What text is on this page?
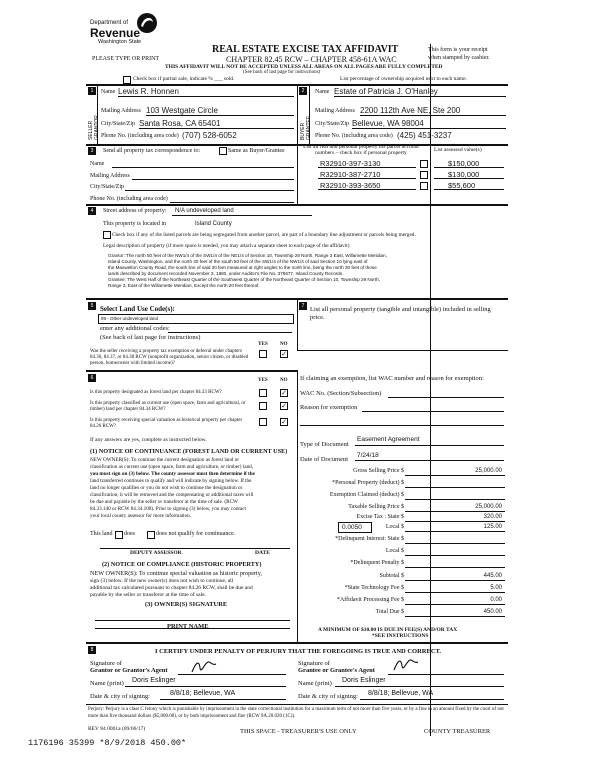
Department of
Revenue
Washington State
REAL ESTATE EXCISE TAX AFFIDAVIT
PLEASE TYPE OR PRINT	CHAPTER 82.45 RCW – CHAPTER 458-61A WAC
THIS AFFIDAVIT WILL NOT BE ACCEPTED UNLESS ALL AREAS ON ALL PAGES ARE FULLY COMPLETED
(See back of last page for instructions)
Check box if partial sale, indicate % ___ sold.	List percentage of ownership acquired next to each name.
This form is your receipt
when stamped by cashier.
1
SELLER GRANTOR
Name Lewis R. Honnen
Mailing Address 103 Westgate Circle
City/State/Zip Santa Rosa, CA 65401
Phone No. (including area code) (707) 528-6052
2
BUYER GRANTEE
Name Estate of Patricia J. O'Hanley
Mailing Address 2200 112th Ave NE, Ste 200
City/State/Zip Bellevue, WA 98004
Phone No. (including area code) (425) 451-3237
3	Send all property tax correspondence to:	Same as Buyer/Grantee
List all real and personal property tax parcel account numbers – check box if personal property	List assessed value(s)
Name
Mailing Address
City/State/Zip
Phone No. (including area code)
R32910-397-3130	$150,000
R32910-387-2710	$130,000
R32910-393-3650	$55,600
4	Street address of property: N/A undeveloped land
This property is located in	Island County
Check box if any of the listed parcels are being segregated from another parcel, are part of a boundary line adjustment or parcels being merged.
Legal description of property (if more space is needed, you may attach a separate sheet to each page of the affidavit)
Grantor: The north 50 feet of the NW1/4 of the SW1/4 of the NE1/4 of Section 10, Township 29 North, Range 3 East, Willamette Meridian,
Island County, Washington, and the north 30 feet of the south 50 feet of the SW1/4 of the NW1/4 of said Section 10 lying east of
the Maxwelton County Road, the south line of said 30 feet measured at right angles to the north line, being the north 30 feet of those
lands described by document recorded November 3, 1980, under Auditor's File No. 375677, Island County Records.
Grantee: The West Half of the Northeast Quarter of the Southwest Quarter of the Northeast Quarter of Section 10, Township 29 North,
Range 3, East of the Willamette Meridian, Except the north 20 feet thereof.
5 Select Land Use Code(s):
99 - Other undeveloped land
enter any additional codes:
(See back of last page for instructions)
YES NO
Was the seller receiving a property tax exemption or deferral under chapters 84.36, 84.37, or 84.38 RCW (nonprofit organization, senior citizen, or disabled person, homeowner with limited income)?
✓
7 List all personal property (tangible and intangible) included in selling price.
6	YES NO
Is this property designated as forest land per chapter 84.33 RCW?	✓
Is this property classified as current use (open space, farm and agricultural, or timber) land per chapter 84.34 RCW?	✓
Is this property receiving special valuation as historical property per chapter 84.26 RCW?
✓
If any answers are yes, complete as instructed below.
(1) NOTICE OF CONTINUANCE (FOREST LAND OR CURRENT USE)
NEW OWNER(S): To continue the current designation as forest land or
classification as current use (open space, farm and agriculture, or timber) land,
you must sign on (3) below. The county assessor must then determine if the
land transferred continues to qualify and will indicate by signing below. If the
land no longer qualifies or you do not wish to continue the designation or
classification, it will be removed and the compensating or additional taxes will
be due and payable by the seller or transferor at the time of sale. (RCW
84.33.140 or RCW 84.34.108). Prior to signing (3) below, you may contact
your local county assessor for more information.
This land does	does not qualify for continuance.
DEPUTY ASSESSOR	DATE
(2) NOTICE OF COMPLIANCE (HISTORIC PROPERTY)
NEW OWNER(S): To continue special valuation as historic property,
sign (3) below. If the new owner(s) does not wish to continue, all
additional tax calculated pursuant to chapter 84.26 RCW, shall be due and
payable by the seller or transferor at the time of sale.
(3) OWNER(S) SIGNATURE
PRINT NAME
If claiming an exemption, list WAC number and reason for exemption:
WAC No. (Section/Subsection)
Reason for exemption
Type of Document
Easement Agreement
Date of Document
7/24/18
Gross Selling Price $	25,000.00
*Personal Property (deduct) $
Exemption Claimed (deduct) $
Taxable Selling Price $	25,000.00
Excise Tax : State $	320.00
0.0050	Local $	125.00
*Delinquent Interest: State $
Local $
*Delinquent Penalty $
Subtotal $	445.00
*State Technology Fee $	5.00
*Affidavit Processing Fee $	0.00
Total Due $	450.00
A MINIMUM OF $10.00 IS DUE IN FEE(S) AND/OR TAX
*SEE INSTRUCTIONS
8	I CERTIFY UNDER PENALTY OF PERJURY THAT THE FOREGOING IS TRUE AND CORRECT.
Signature of
Grantor or Grantor's Agent
Name (print) Doris Eslinger
Date & city of signing:	8/8/18; Bellevue, WA
Signature of
Grantee or Grantee's Agent
Name (print) Doris Eslinger
Date & city of signing: 8/8/18; Bellevue, WA
Perjury: Perjury is a class C felony which is punishable by imprisonment in the state correctional institution for a maximum term of not more than five years, or by a fine in an amount fixed by the court of not more than five thousand dollars ($5,000.00), or by both imprisonment and fine (RCW 9A.20.020 (1C)).
REV 84 0001a (09/06/17)	THIS SPACE - TREASURER'S USE ONLY	COUNTY TREASURER
1176196 35399 *8/9/2018 450.00*
